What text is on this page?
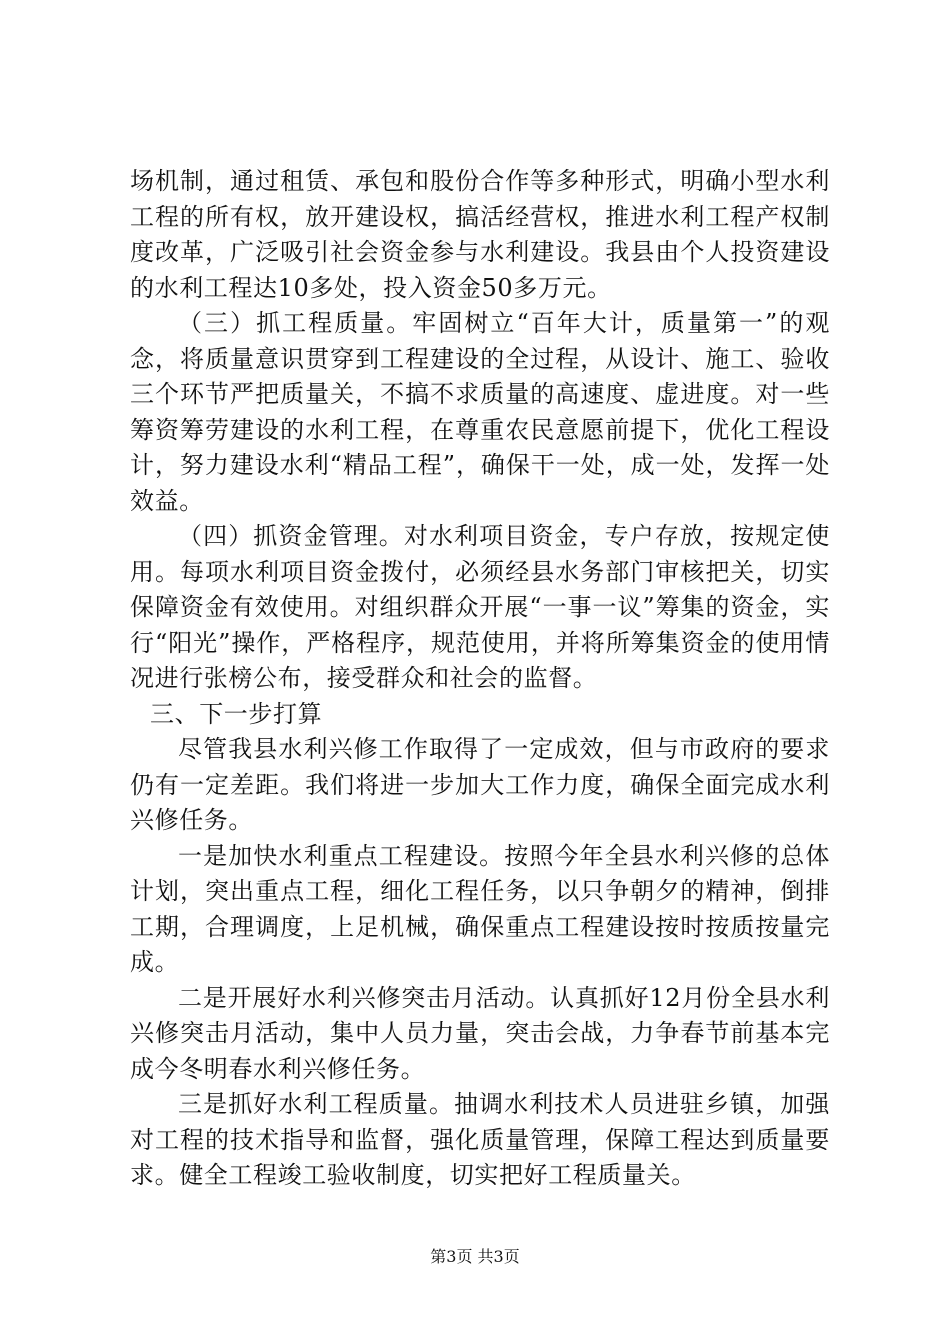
场机制，通过租赁、承包和股份合作等多种形式，明确小型水利工程的所有权，放开建设权，搞活经营权，推进水利工程产权制度改革，广泛吸引社会资金参与水利建设。我县由个人投资建设的水利工程达10多处，投入资金50多万元。

（三）抓工程质量。牢固树立“百年大计，质量第一”的观念，将质量意识贯穿到工程建设的全过程，从设计、施工、验收三个环节严把质量关，不搞不求质量的高速度、虚进度。对一些筹资筹劳建设的水利工程，在尊重农民意愿前提下，优化工程设计，努力建设水利“精品工程”，确保干一处，成一处，发挥一处效益。

（四）抓资金管理。对水利项目资金，专户存放，按规定使用。每项水利项目资金拨付，必须经县水务部门审核把关，切实保障资金有效使用。对组织群众开展“一事一议”筹集的资金，实行“阳光”操作，严格程序，规范使用，并将所筹集资金的使用情况进行张榜公布，接受群众和社会的监督。

三、下一步打算

尽管我县水利兴修工作取得了一定成效，但与市政府的要求仍有一定差距。我们将进一步加大工作力度，确保全面完成水利兴修任务。

一是加快水利重点工程建设。按照今年全县水利兴修的总体计划，突出重点工程，细化工程任务，以只争朝夕的精神，倒排工期，合理调度，上足机械，确保重点工程建设按时按质按量完成。

二是开展好水利兴修突击月活动。认真抓好12月份全县水利兴修突击月活动，集中人员力量，突击会战，力争春节前基本完成今冬明春水利兴修任务。

三是抓好水利工程质量。抽调水利技术人员进驻乡镇，加强对工程的技术指导和监督，强化质量管理，保障工程达到质量要求。健全工程竣工验收制度，切实把好工程质量关。

第3页 共3页
